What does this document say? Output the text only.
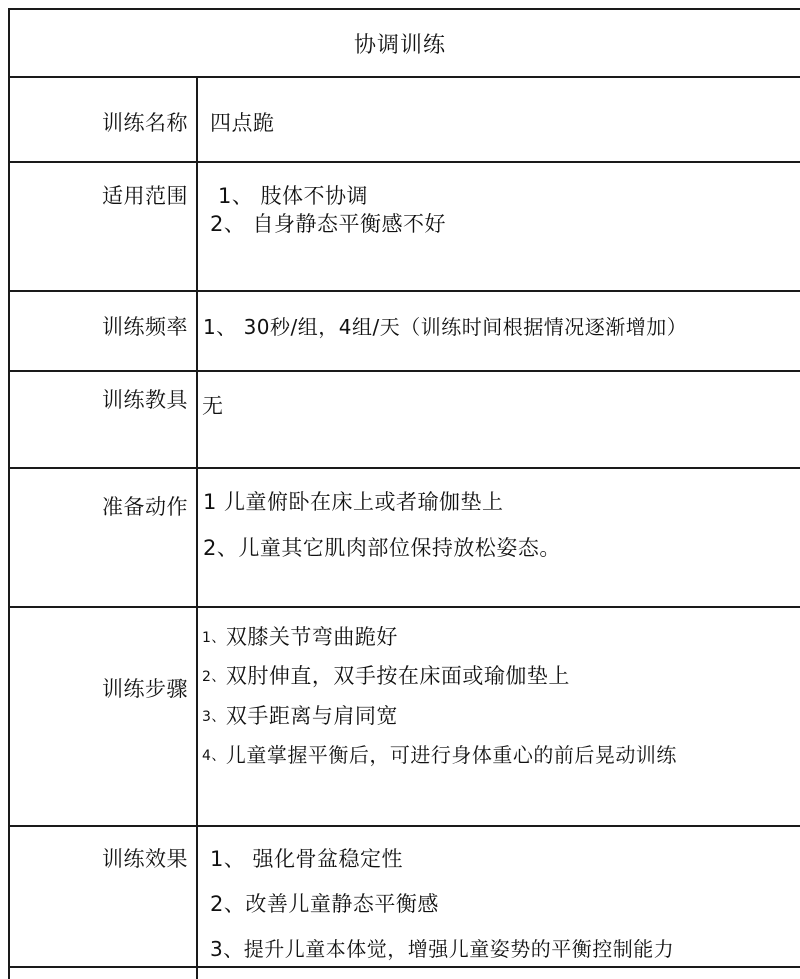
协调训练
训练名称	四点跪
适用范围	1、 肢体不协调
2、 自身静态平衡感不好
训练频率 1、 30秒/组，4组/天（训练时间根据情况逐渐增加）
训练教具 无
准备动作 1 儿童俯卧在床上或者瑜伽垫上
2、儿童其它肌肉部位保持放松姿态。
训练步骤
1、双膝关节弯曲跪好
2、双肘伸直，双手按在床面或瑜伽垫上
3、双手距离与肩同宽
4、儿童掌握平衡后，可进行身体重心的前后晃动训练
训练效果	1、 强化骨盆稳定性
2、改善儿童静态平衡感
3、提升儿童本体觉，增强儿童姿势的平衡控制能力
